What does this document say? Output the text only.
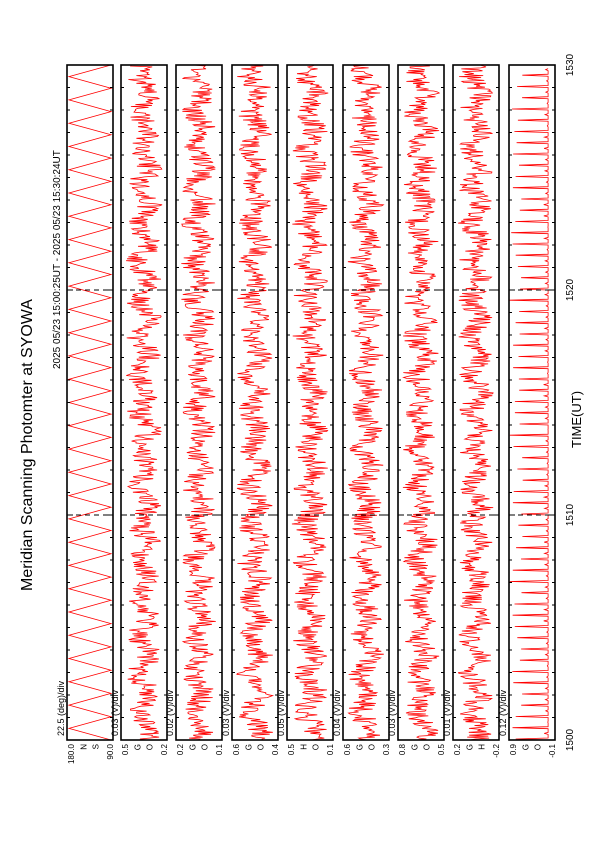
Meridian Scanning Photomter at SYOWA
2025 05/23 15:00:25UT - 2025 05/23 15:30:24UT
TIME(UT)
180.0	90.0
N S
22.5 (deg)/div
0.5	0.2
G O
0.03 (V)/div
0.2	0.1
G O
0.02 (V)/div
0.6	0.4
G O
0.03 (V)/div
0.5	0.1
H O
0.05 (V)/div
0.6	0.3
G O
0.04 (V)/div
0.8	0.5
G O
0.03 (V)/div
0.2	-0.2
G H
0.01 (V)/div
0.9	-0.1
G O
0.12 (V)/div
1500
1510
1520
1530
